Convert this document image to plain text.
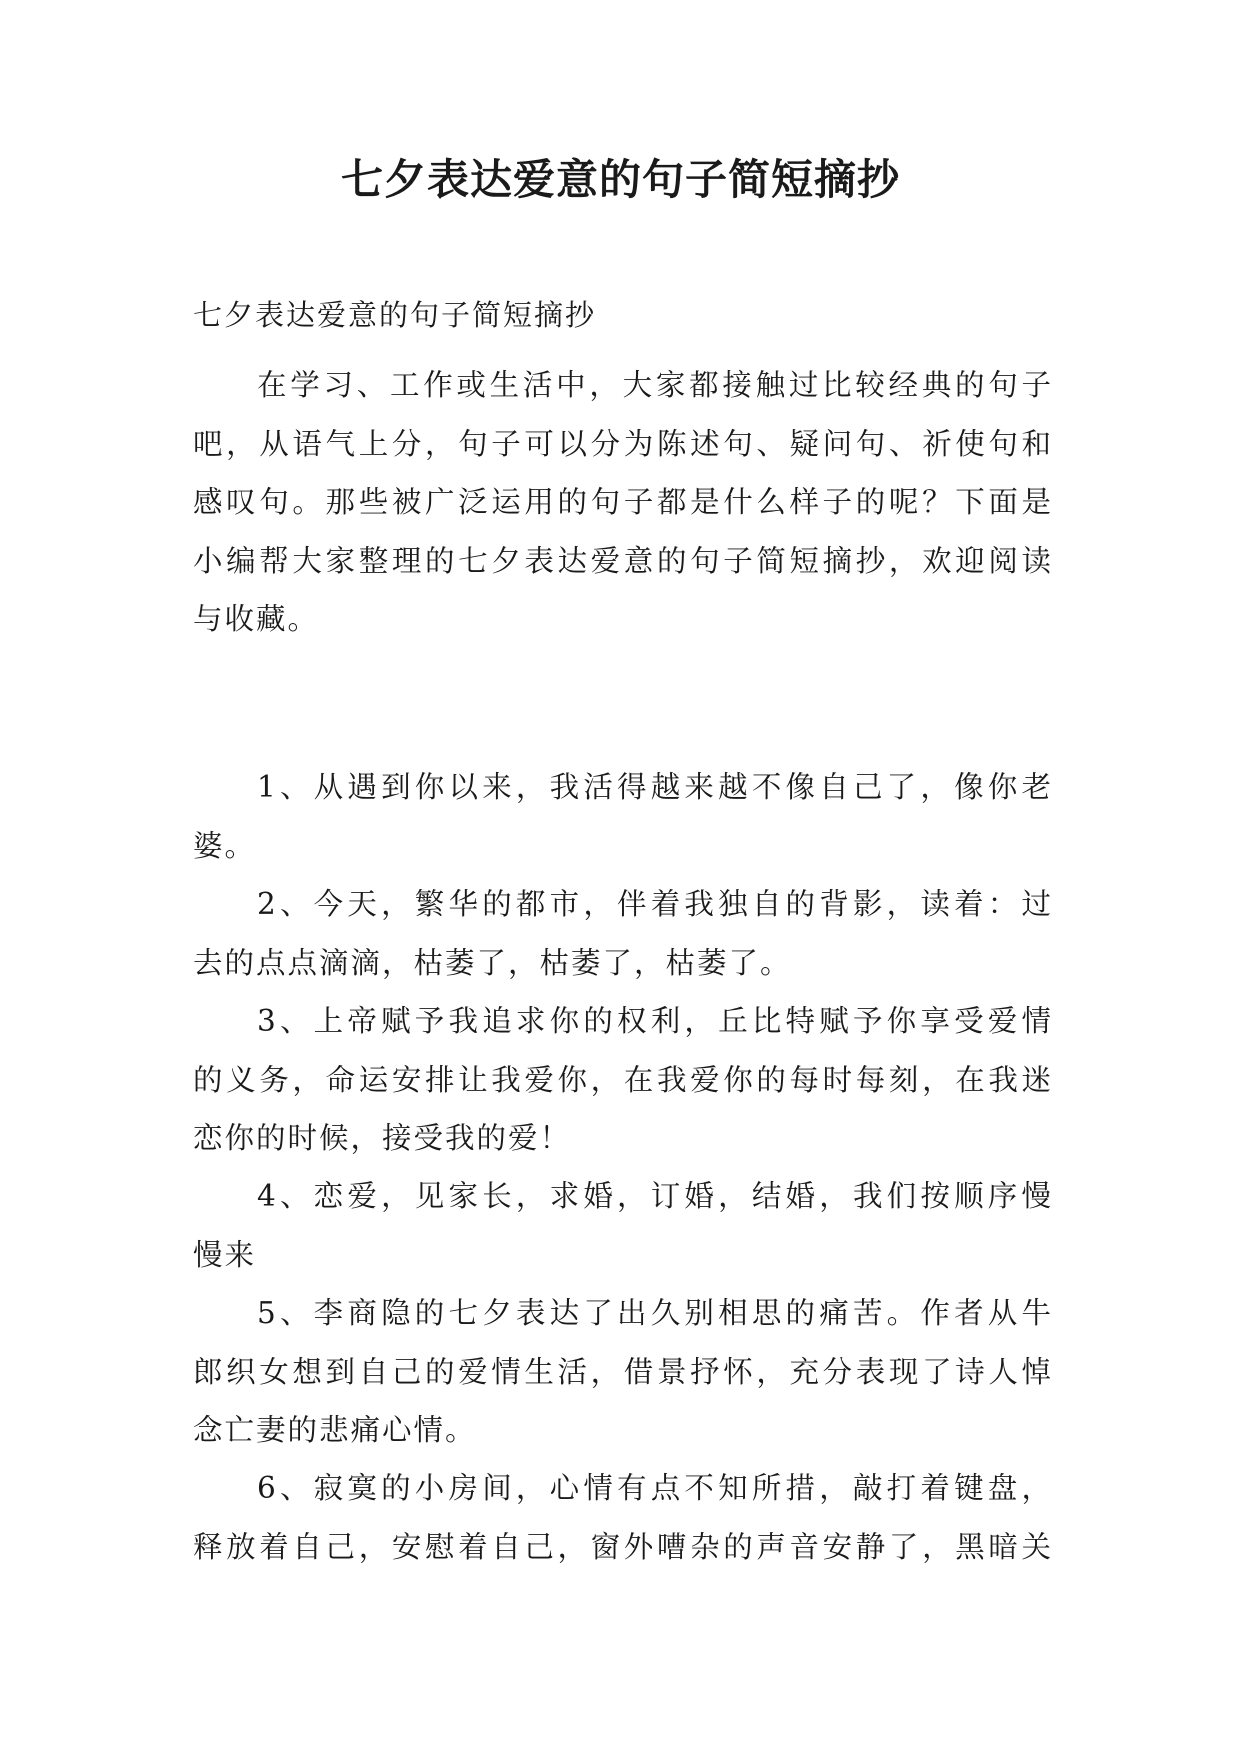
七夕表达爱意的句子简短摘抄
七夕表达爱意的句子简短摘抄
在学习、工作或生活中，大家都接触过比较经典的句子
吧，从语气上分，句子可以分为陈述句、疑问句、祈使句和
感叹句。那些被广泛运用的句子都是什么样子的呢？下面是
小编帮大家整理的七夕表达爱意的句子简短摘抄，欢迎阅读
与收藏。
1、从遇到你以来，我活得越来越不像自己了，像你老
婆。
2、今天，繁华的都市，伴着我独自的背影，读着：过
去的点点滴滴，枯萎了，枯萎了，枯萎了。
3、上帝赋予我追求你的权利，丘比特赋予你享受爱情
的义务，命运安排让我爱你，在我爱你的每时每刻，在我迷
恋你的时候，接受我的爱！
4、恋爱，见家长，求婚，订婚，结婚，我们按顺序慢
慢来
5、李商隐的七夕表达了出久别相思的痛苦。作者从牛
郎织女想到自己的爱情生活，借景抒怀，充分表现了诗人悼
念亡妻的悲痛心情。
6、寂寞的小房间，心情有点不知所措，敲打着键盘，
释放着自己，安慰着自己，窗外嘈杂的声音安静了，黑暗关
